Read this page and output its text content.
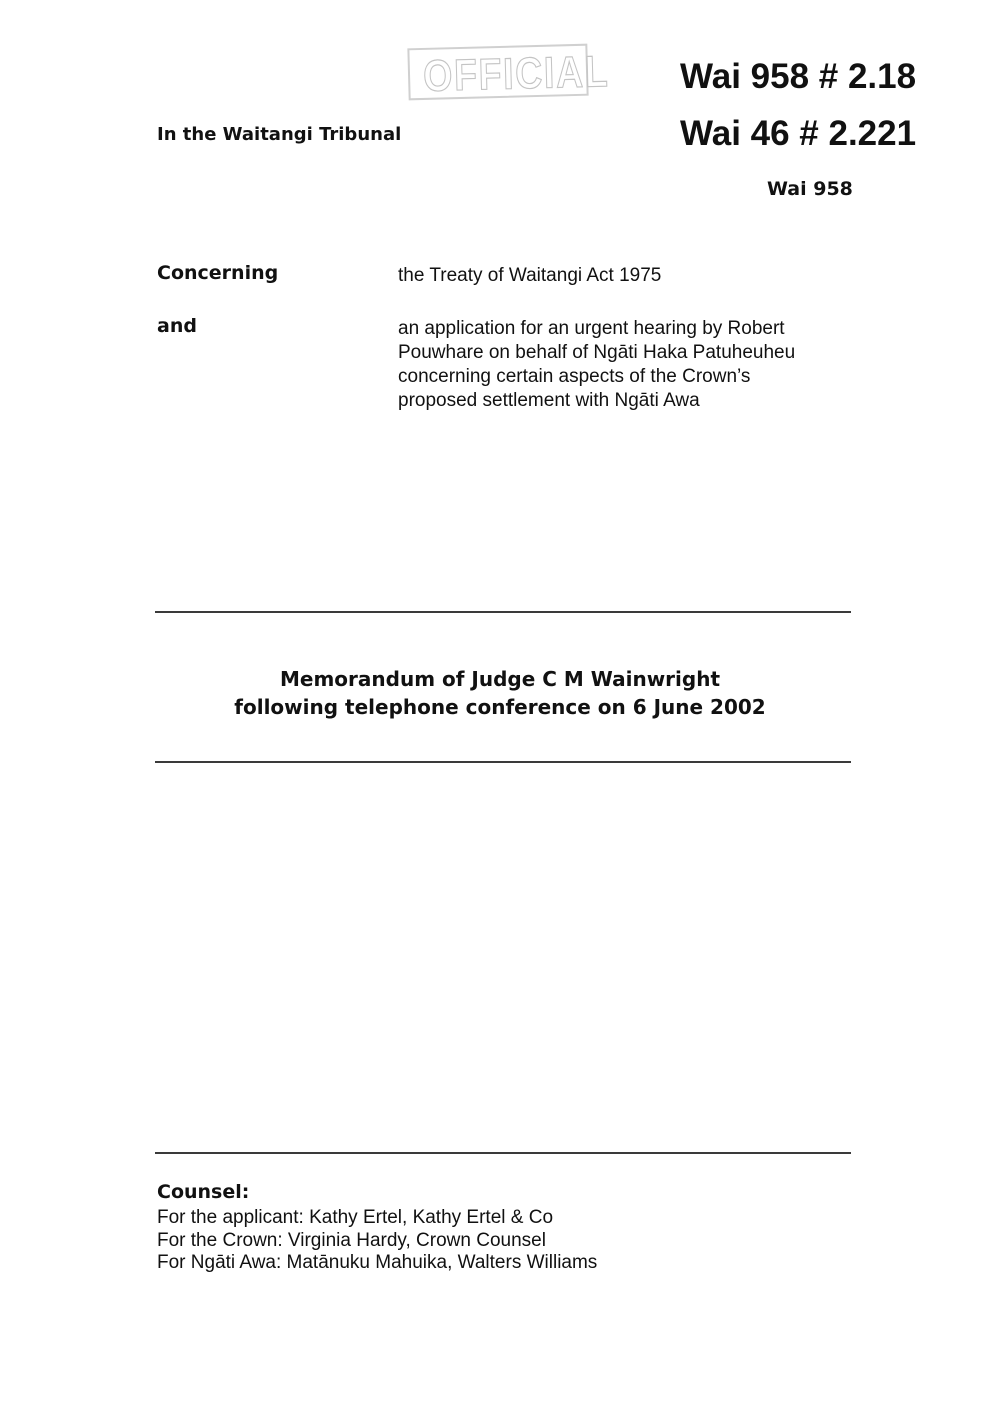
OFFICIAL
In the Waitangi Tribunal
Wai 958 # 2.18
Wai 46 # 2.221
Wai 958
Concerning	the Treaty of Waitangi Act 1975
and	an application for an urgent hearing by Robert
Pouwhare on behalf of Ngāti Haka Patuheuheu
concerning certain aspects of the Crown’s
proposed settlement with Ngāti Awa
Memorandum of Judge C M Wainwright
following telephone conference on 6 June 2002
Counsel:
For the applicant: Kathy Ertel, Kathy Ertel & Co
For the Crown: Virginia Hardy, Crown Counsel
For Ngāti Awa: Matānuku Mahuika, Walters Williams
